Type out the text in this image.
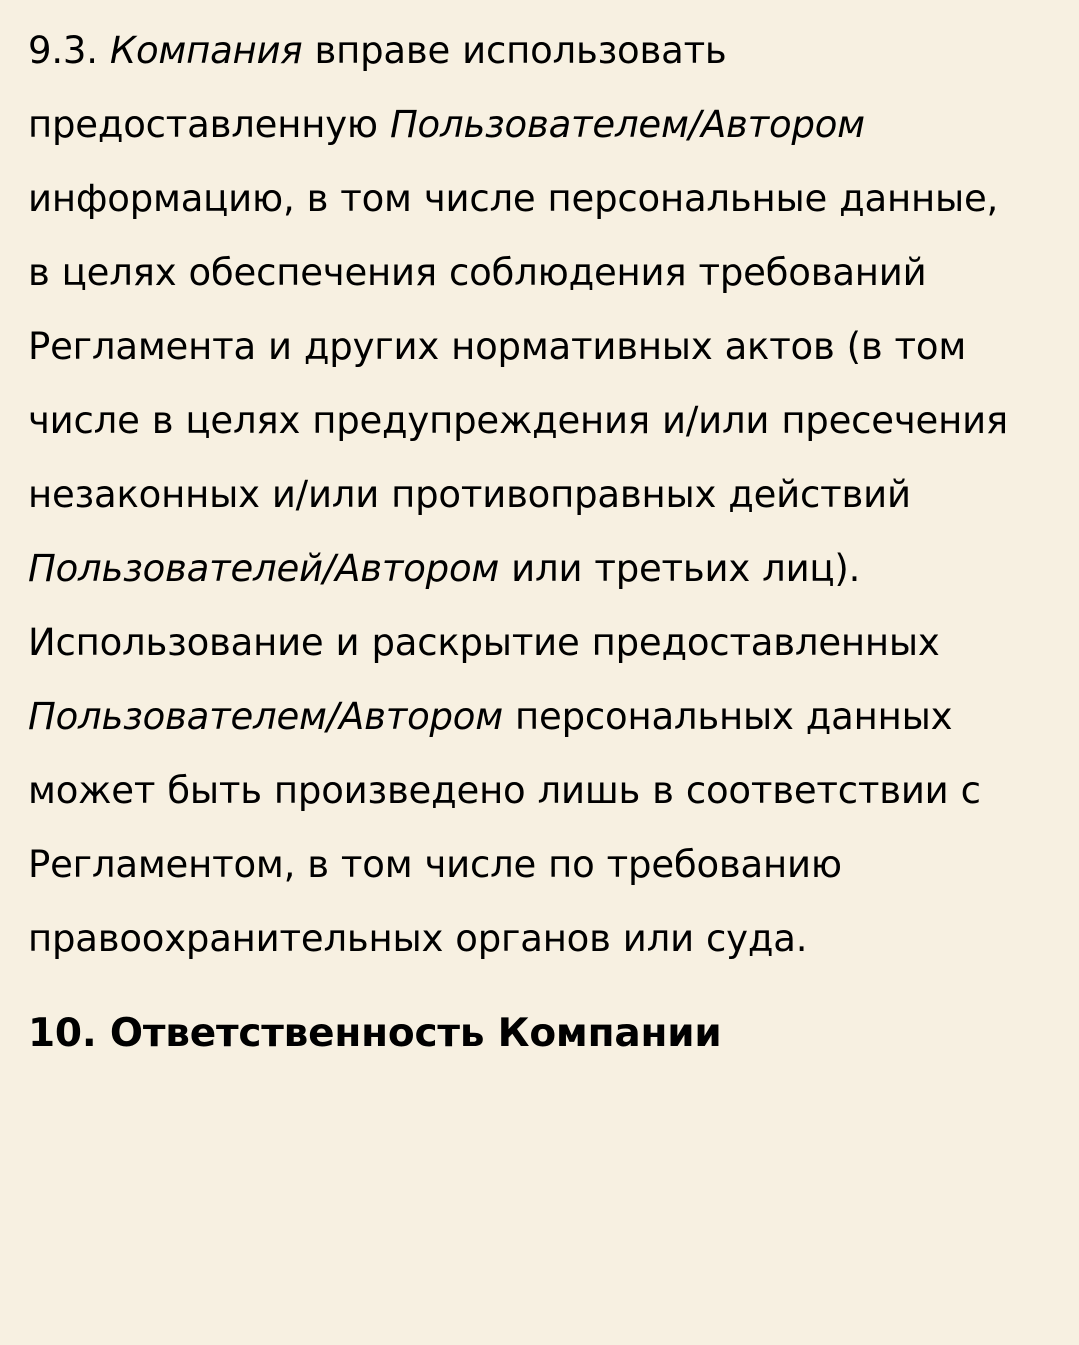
9.3. Компания вправе использовать предоставленную Пользователем/Автором информацию, в том числе персональные данные, в целях обеспечения соблюдения требований Регламента и других нормативных актов (в том числе в целях предупреждения и/или пресечения незаконных и/или противоправных действий Пользователей/Автором или третьих лиц). Использование и раскрытие предоставленных Пользователем/Автором персональных данных может быть произведено лишь в соответствии с Регламентом, в том числе по требованию правоохранительных органов или суда.

10. Ответственность Компании
